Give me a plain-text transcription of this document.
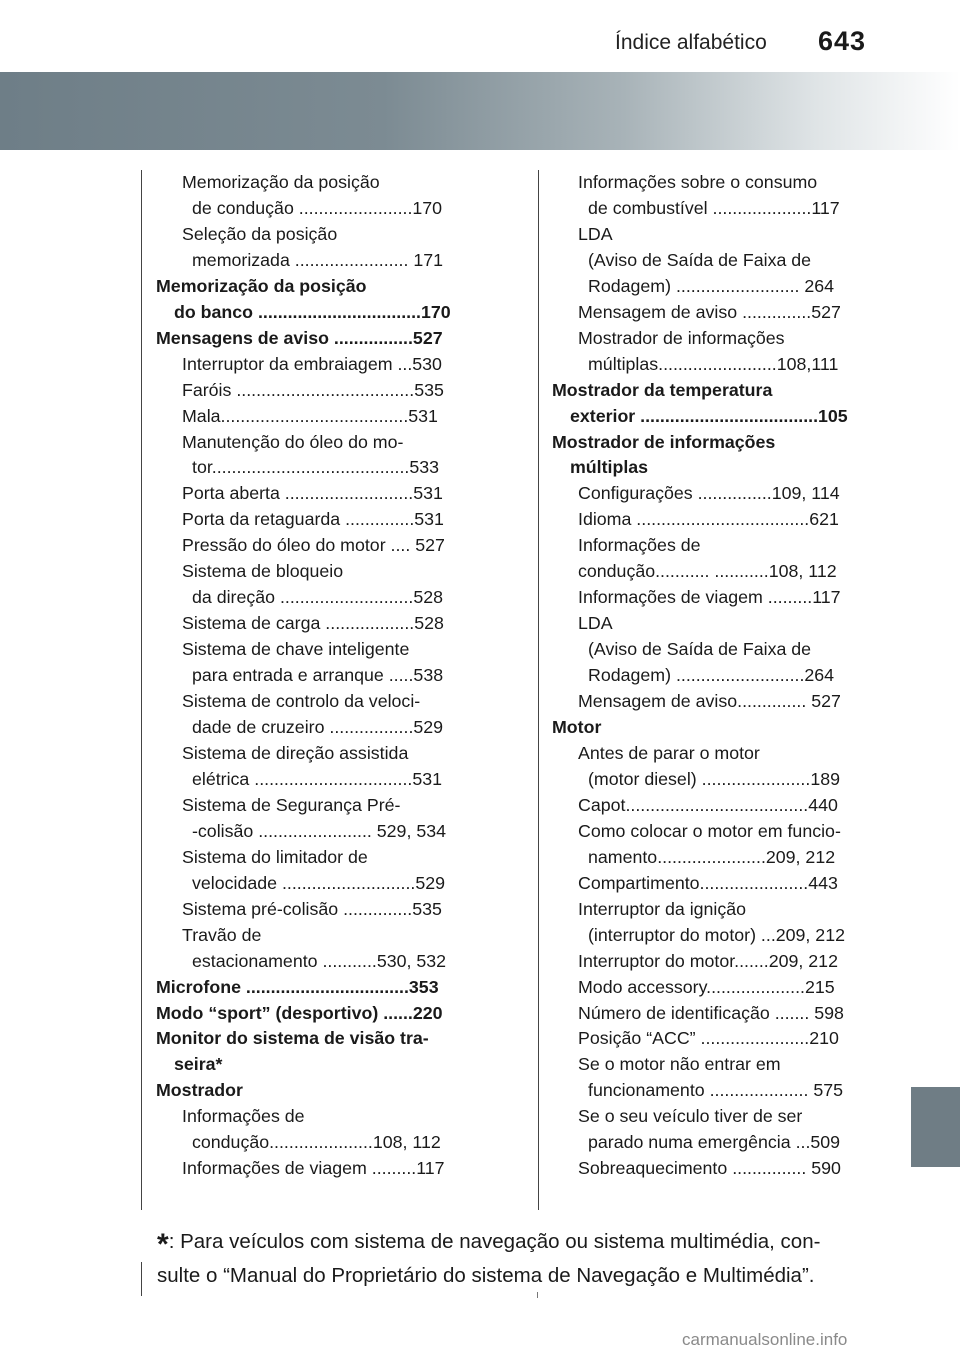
643
Índice alfabético
Memorização da posição
de condução .......................170
Seleção da posição
memorizada ....................... 171
Memorização da posição
do banco .................................170
Mensagens de aviso ................527
Interruptor da embraiagem ...530
Faróis ....................................535
Mala......................................531
Manutenção do óleo do mo-
tor........................................533
Porta aberta ..........................531
Porta da retaguarda ..............531
Pressão do óleo do motor .... 527
Sistema de bloqueio
da direção ...........................528
Sistema de carga ..................528
Sistema de chave inteligente
para entrada e arranque .....538
Sistema de controlo da veloci-
dade de cruzeiro .................529
Sistema de direção assistida
elétrica ................................531
Sistema de Segurança Pré-
-colisão ....................... 529, 534
Sistema do limitador de
velocidade ...........................529
Sistema pré-colisão ..............535
Travão de
estacionamento ...........530, 532
Microfone .................................353
Modo “sport” (desportivo) ......220
Monitor do sistema de visão tra-
seira*
Mostrador
Informações de
condução.....................108, 112
Informações de viagem .........117
Informações sobre o consumo
de combustível ....................117
LDA
(Aviso de Saída de Faixa de
Rodagem) ......................... 264
Mensagem de aviso ..............527
Mostrador de informações
múltiplas........................108,111
Mostrador da temperatura
exterior ....................................105
Mostrador de informações
múltiplas
Configurações ...............109, 114
Idioma ...................................621
Informações de
condução........... ...........108, 112
Informações de viagem .........117
LDA
(Aviso de Saída de Faixa de
Rodagem) ..........................264
Mensagem de aviso.............. 527
Motor
Antes de parar o motor
(motor diesel) ......................189
Capot.....................................440
Como colocar o motor em funcio-
namento......................209, 212
Compartimento......................443
Interruptor da ignição
(interruptor do motor) ...209, 212
Interruptor do motor.......209, 212
Modo accessory....................215
Número de identificação ....... 598
Posição “ACC” ......................210
Se o motor não entrar em
funcionamento .................... 575
Se o seu veículo tiver de ser
parado numa emergência ...509
Sobreaquecimento ............... 590
*: Para veículos com sistema de navegação ou sistema multimédia, con-
sulte o “Manual do Proprietário do sistema de Navegação e Multimédia”.
carmanualsonline.info
